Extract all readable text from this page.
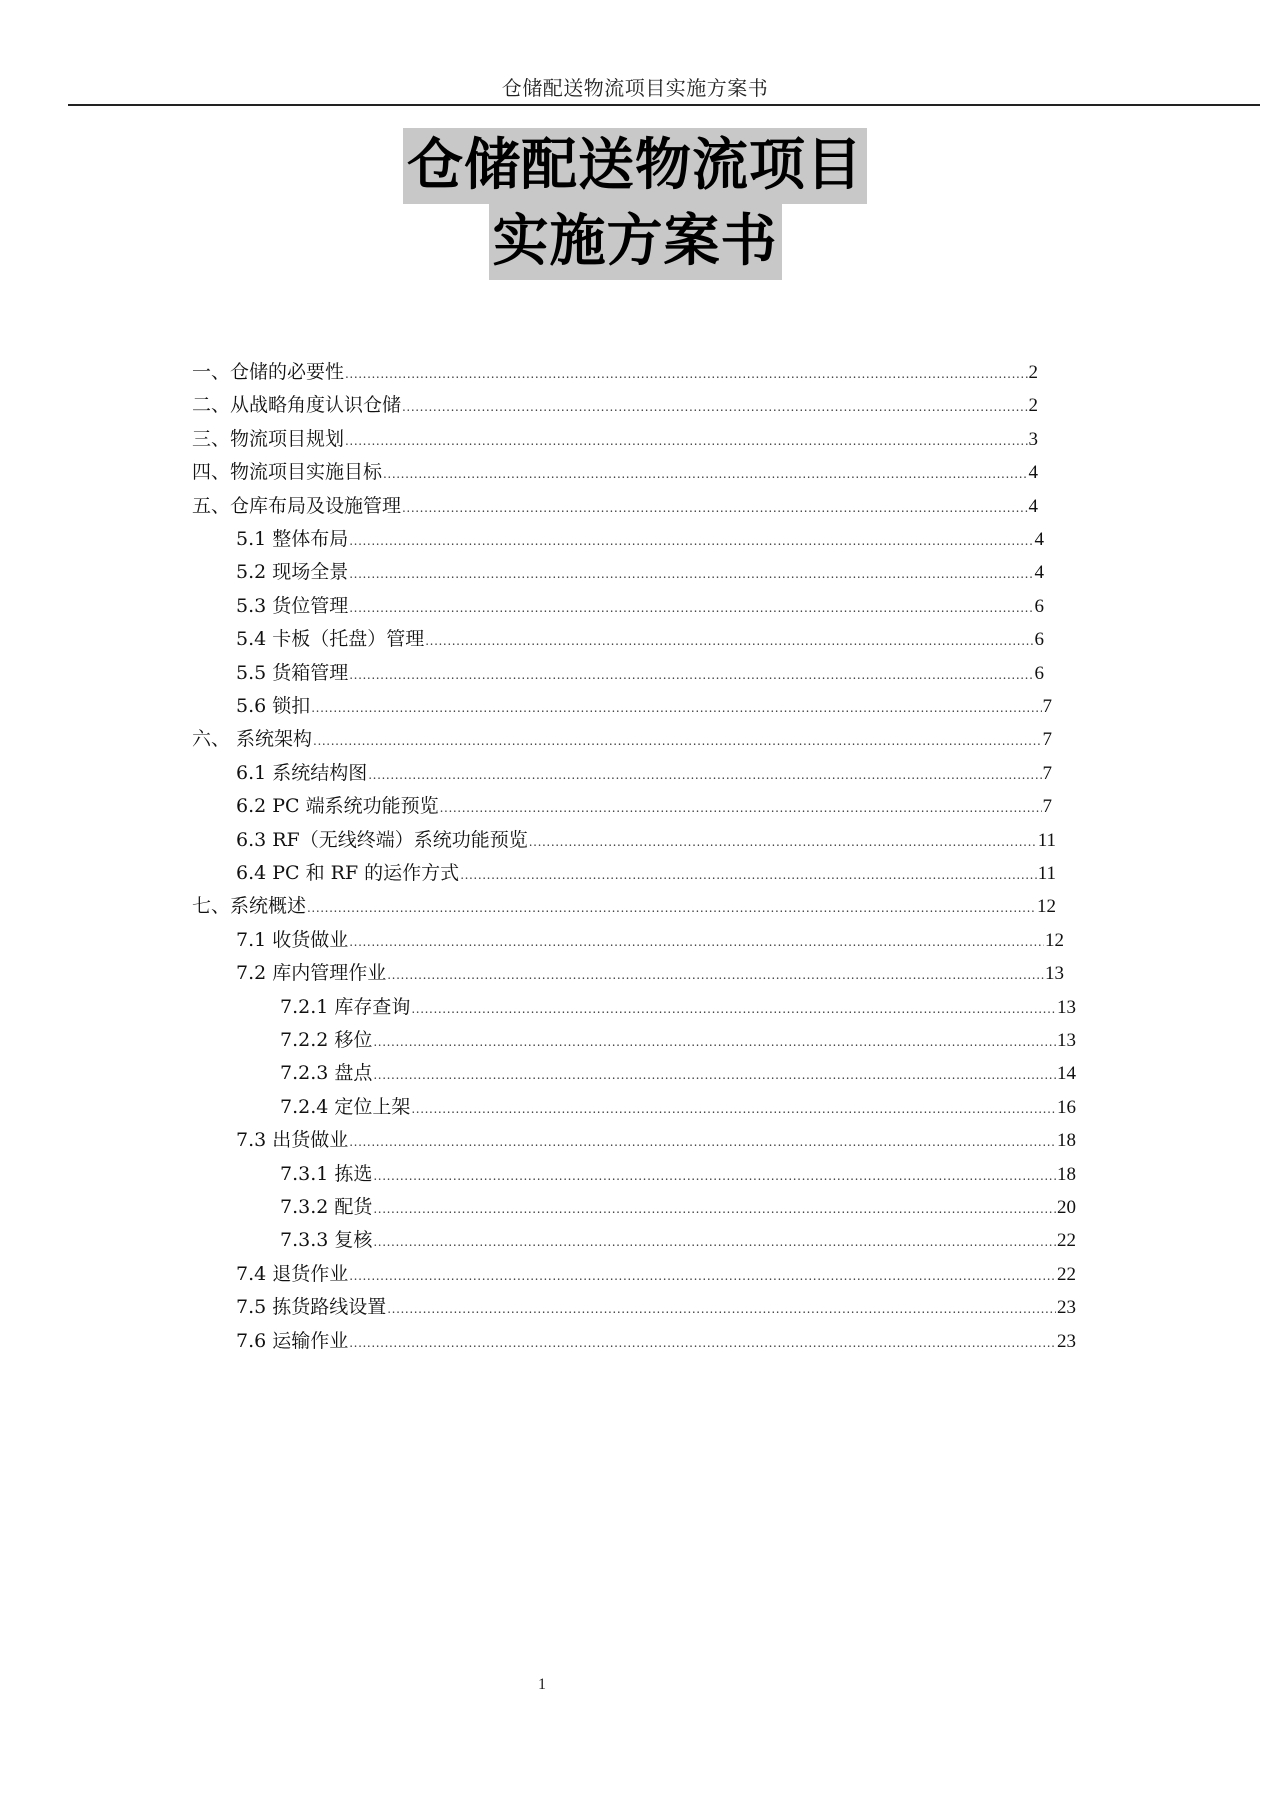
仓储配送物流项目实施方案书
仓储配送物流项目
实施方案书
一、仓储的必要性 .....	2
二、从战略角度认识仓储 .....	2
三、物流项目规划 .....	3
四、物流项目实施目标 .....	4
五、仓库布局及设施管理 .....	4
5.1 整体布局 .....	4
5.2 现场全景 .....	4
5.3 货位管理 .....	6
5.4 卡板（托盘）管理 .....	6
5.5 货箱管理 .....	6
5.6 锁扣 .....	7
六、 系统架构 .....	7
6.1 系统结构图 .....	7
6.2 PC 端系统功能预览 .....	7
6.3 RF（无线终端）系统功能预览 .....	11
6.4 PC 和 RF 的运作方式 .....	11
七、系统概述 .....	12
7.1 收货做业 .....	12
7.2 库内管理作业 .....	13
7.2.1 库存查询 .....	13
7.2.2 移位 .....	13
7.2.3 盘点 .....	14
7.2.4 定位上架 .....	16
7.3 出货做业 .....	18
7.3.1 拣选 .....	18
7.3.2 配货 .....	20
7.3.3 复核 .....	22
7.4 退货作业 .....	22
7.5 拣货路线设置 .....	23
7.6 运输作业 .....	23
1
